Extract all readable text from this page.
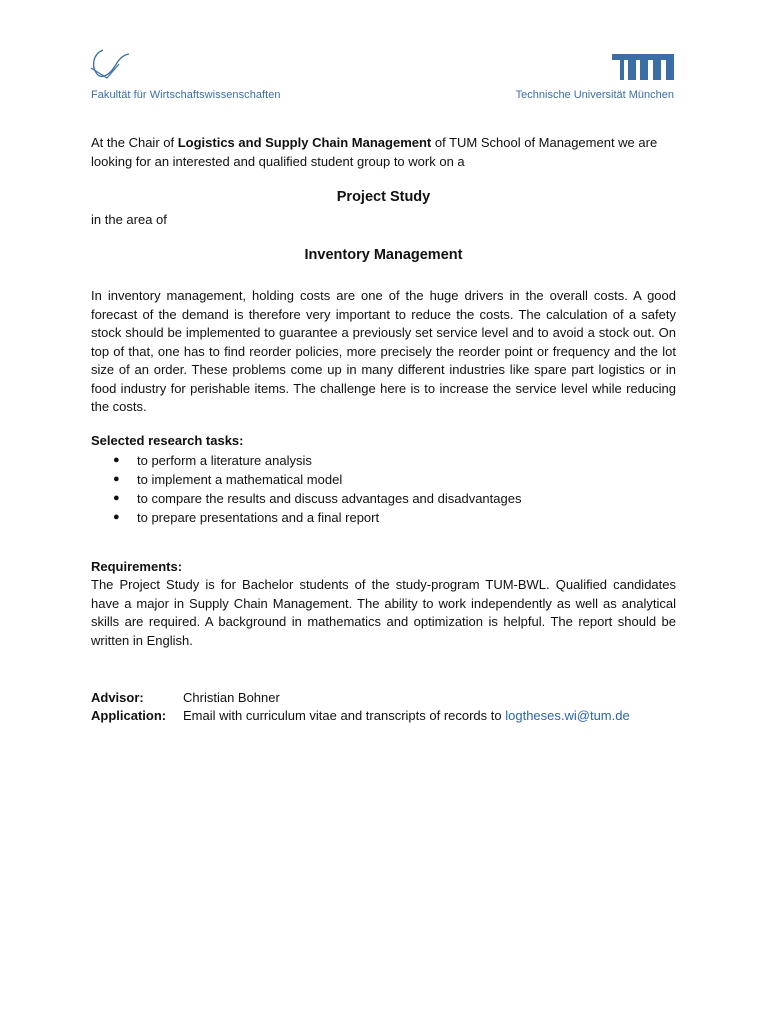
Fakultät für Wirtschaftswissenschaften	Technische Universität München
At the Chair of Logistics and Supply Chain Management of TUM School of Management we are looking for an interested and qualified student group to work on a
Project Study
in the area of
Inventory Management
In inventory management, holding costs are one of the huge drivers in the overall costs. A good forecast of the demand is therefore very important to reduce the costs. The calculation of a safety stock should be implemented to guarantee a previously set service level and to avoid a stock out. On top of that, one has to find reorder policies, more precisely the reorder point or frequency and the lot size of an order. These problems come up in many different industries like spare part logistics or in food industry for perishable items. The challenge here is to increase the service level while reducing the costs.
Selected research tasks:
● to perform a literature analysis
● to implement a mathematical model
● to compare the results and discuss advantages and disadvantages
● to prepare presentations and a final report
Requirements:
The Project Study is for Bachelor students of the study-program TUM-BWL. Qualified candidates have a major in Supply Chain Management. The ability to work independently as well as analytical skills are required. A background in mathematics and optimization is helpful. The report should be written in English.
Advisor:	Christian Bohner
Application: Email with curriculum vitae and transcripts of records to logtheses.wi@tum.de
